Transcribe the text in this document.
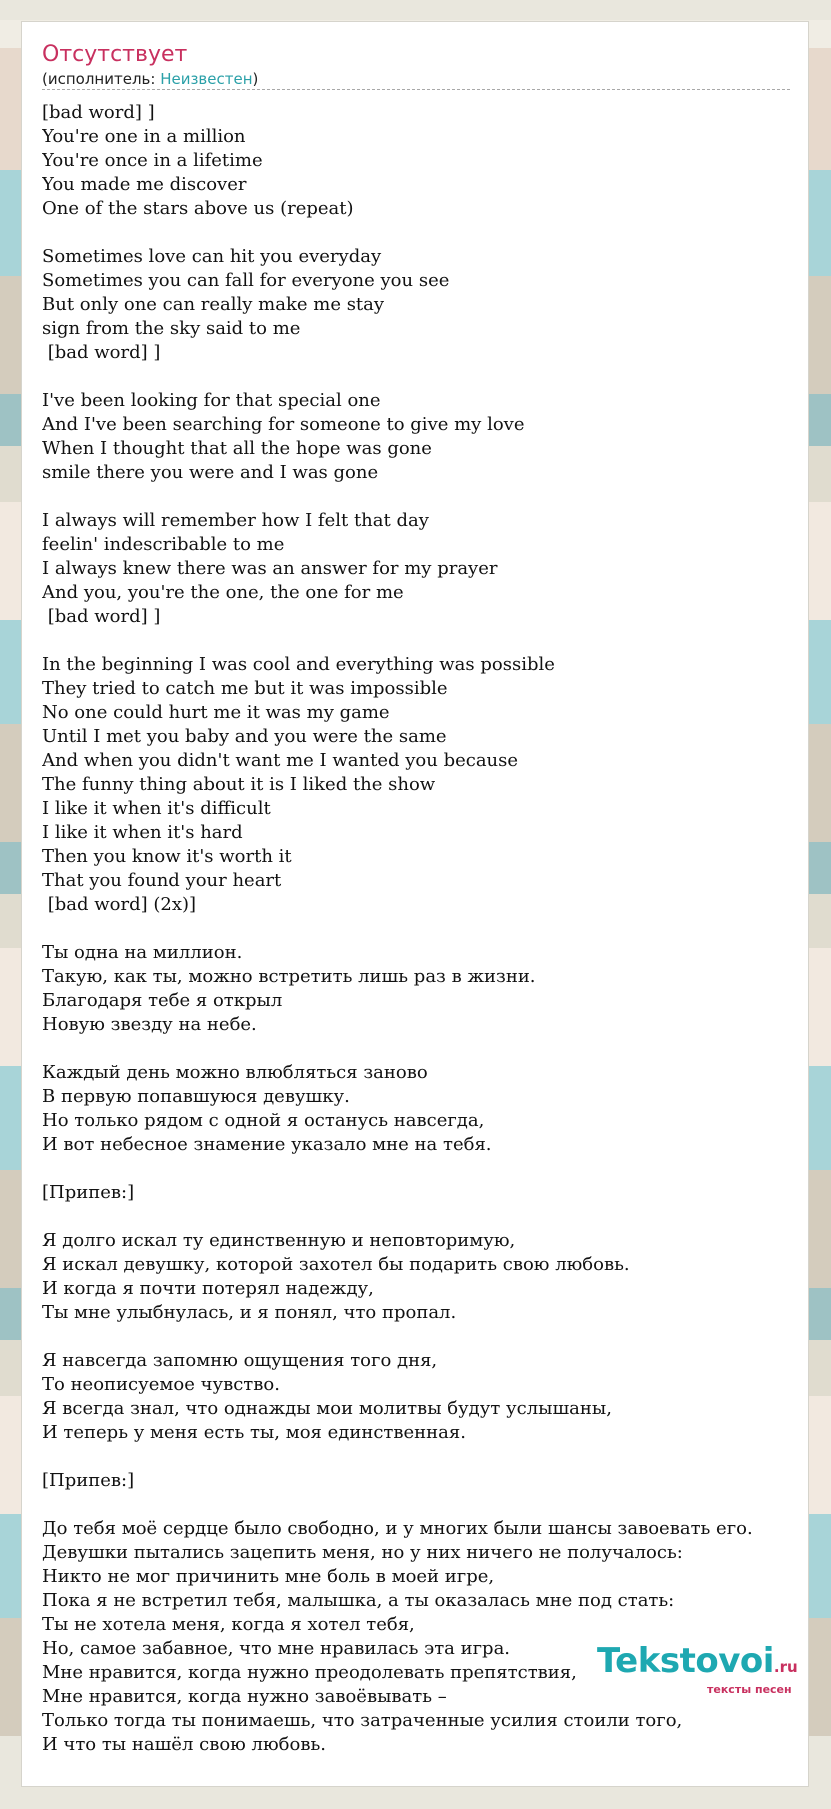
Отсутствует
(исполнитель: Неизвестен)
[bad word] ]
You're one in a million
You're once in a lifetime
You made me discover
One of the stars above us (repeat)

Sometimes love can hit you everyday
Sometimes you can fall for everyone you see
But only one can really make me stay
sign from the sky said to me
[bad word] ]

I've been looking for that special one
And I've been searching for someone to give my love
When I thought that all the hope was gone
smile there you were and I was gone

I always will remember how I felt that day
feelin' indescribable to me
I always knew there was an answer for my prayer
And you, you're the one, the one for me
[bad word] ]

In the beginning I was cool and everything was possible
They tried to catch me but it was impossible
No one could hurt me it was my game
Until I met you baby and you were the same
And when you didn't want me I wanted you because
The funny thing about it is I liked the show
I like it when it's difficult
I like it when it's hard
Then you know it's worth it
That you found your heart
[bad word] (2x)]

Ты одна на миллион.
Такую, как ты, можно встретить лишь раз в жизни.
Благодаря тебе я открыл
Новую звезду на небе.

Каждый день можно влюбляться заново
В первую попавшуюся девушку.
Но только рядом с одной я останусь навсегда,
И вот небесное знамение указало мне на тебя.

[Припев:]

Я долго искал ту единственную и неповторимую,
Я искал девушку, которой захотел бы подарить свою любовь.
И когда я почти потерял надежду,
Ты мне улыбнулась, и я понял, что пропал.

Я навсегда запомню ощущения того дня,
То неописуемое чувство.
Я всегда знал, что однажды мои молитвы будут услышаны,
И теперь у меня есть ты, моя единственная.

[Припев:]

До тебя моё сердце было свободно, и у многих были шансы завоевать его.
Девушки пытались зацепить меня, но у них ничего не получалось:
Никто не мог причинить мне боль в моей игре,
Пока я не встретил тебя, малышка, а ты оказалась мне под стать:
Ты не хотела меня, когда я хотел тебя,
Но, самое забавное, что мне нравилась эта игра.
Мне нравится, когда нужно преодолевать препятствия,
Мне нравится, когда нужно завоёвывать –
Только тогда ты понимаешь, что затраченные усилия стоили того,
И что ты нашёл свою любовь.
Tekstovoi.ru
тексты песен
